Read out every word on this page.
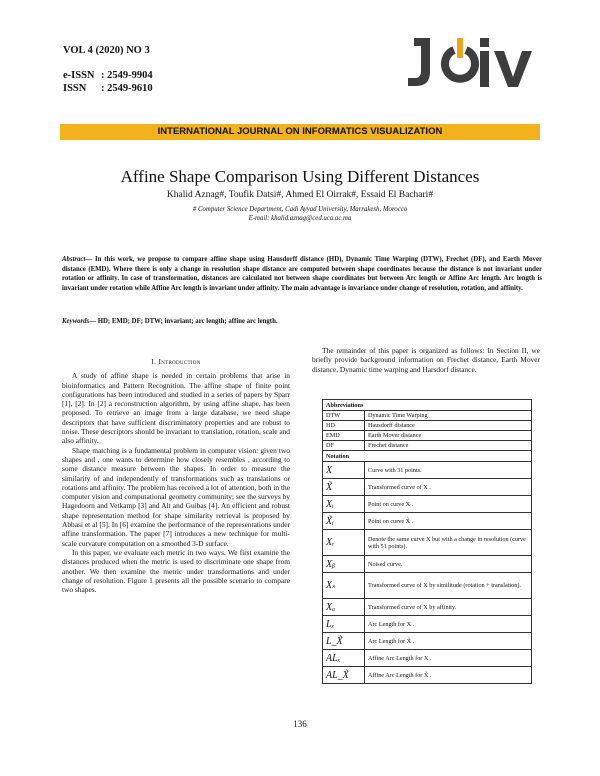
VOL 4 (2020) NO 3
e-ISSN : 2549-9904
ISSN	: 2549-9610
INTERNATIONAL JOURNAL ON INFORMATICS VISUALIZATION
Affine Shape Comparison Using Different Distances
Khalid Aznag#, Toufik Datsi#, Ahmed El Oirrak#, Essaid El Bachari#
# Computer Science Department, Cadi Ayyad University, Marrakesh, Morocco
E-mail: khalid.aznag@ced.uca.ac.ma
Abstract— In this work, we propose to compare affine shape using Hausdorff distance (HD), Dynamic Time Warping (DTW), Frechet (DF), and Earth Mover distance (EMD). Where there is only a change in resolution shape distance are computed between shape coordinates because the distance is not invariant under rotation or affinity. In case of transformation, distances are calculated not between shape coordinates but between Arc length or Affine Arc length. Arc length is invariant under rotation while Affine Arc length is invariant under affinity. The main advantage is invariance under change of resolution, rotation, and affinity.
Keywords— HD; EMD; DF; DTW; invariant; arc length; affine arc length.
I. Introduction

A study of affine shape is needed in certain problems that arise in bioinformatics and Pattern Recognition. The affine shape of finite point configurations has been introduced and studied in a series of papers by Sparr [1], [2]. In [2] a reconstruction algorithm, by using affine shape, has been proposed. To retrieve an image from a large database, we need shape descriptors that have sufficient discriminatory properties and are robust to noise. These descriptors should be invariant to translation, rotation, scale and also affinity.

Shape matching is a fundamental problem in computer vision: given two shapes and , one wants to determine how closely resembles , according to some distance measure between the shapes. In order to measure the similarity of and independently of transformations such as translations or rotations and affinity. The problem has received a lot of attention, both in the computer vision and computational geometry community; see the surveys by Hagedoorn and Vetkamp [3] and Alt and Guibas [4]. An efficient and robust shape representation method for shape similarity retrieval is proposed by Abbasi et al [5]. In [6] examine the performance of the representations under affine transformation. The paper [7] introduces a new technique for multi-scale curvature computation on a smoothed 3-D surface.

In this paper, we evaluate each metric in two ways. We first examine the distances produced when the metric is used to discriminate one shape from another. We then examine the metric under transformations and under change of resolution. Figure 1 presents all the possible scenario to compare two shapes.

The remainder of this paper is organized as follows: In Section II, we briefly provide background information on Frechet distance, Earth Mover distance, Dynamic time warping and Harsdorf distance.

Abbreviations	
DTW	Dynamic Time Warping
HD	Hausdorff distance
EMD	Earth Mover distance
DF	Frechet distance
Notation	
X	Curve with 31 points.
X̃	Transformed curve of X .
Xᵢ	Point on curve X .
X̃ᵢ	Point on curve X̃ .
Xᵣ	Denote the same curve X but with a change in resolution (curve with 51 points).
Xᵦ	Noised curve.
Xₛ	Transformed curve of X by similitude (rotation + translation).
Xₐ	Transformed curve of X by affinity.
Lₓ	Arc Length for X .
L_X̃	Arc Length for X̃ .
ALₓ	Affine Arc Length for X .
AL_X̃	Affine Arc Length for X̃ .
136
